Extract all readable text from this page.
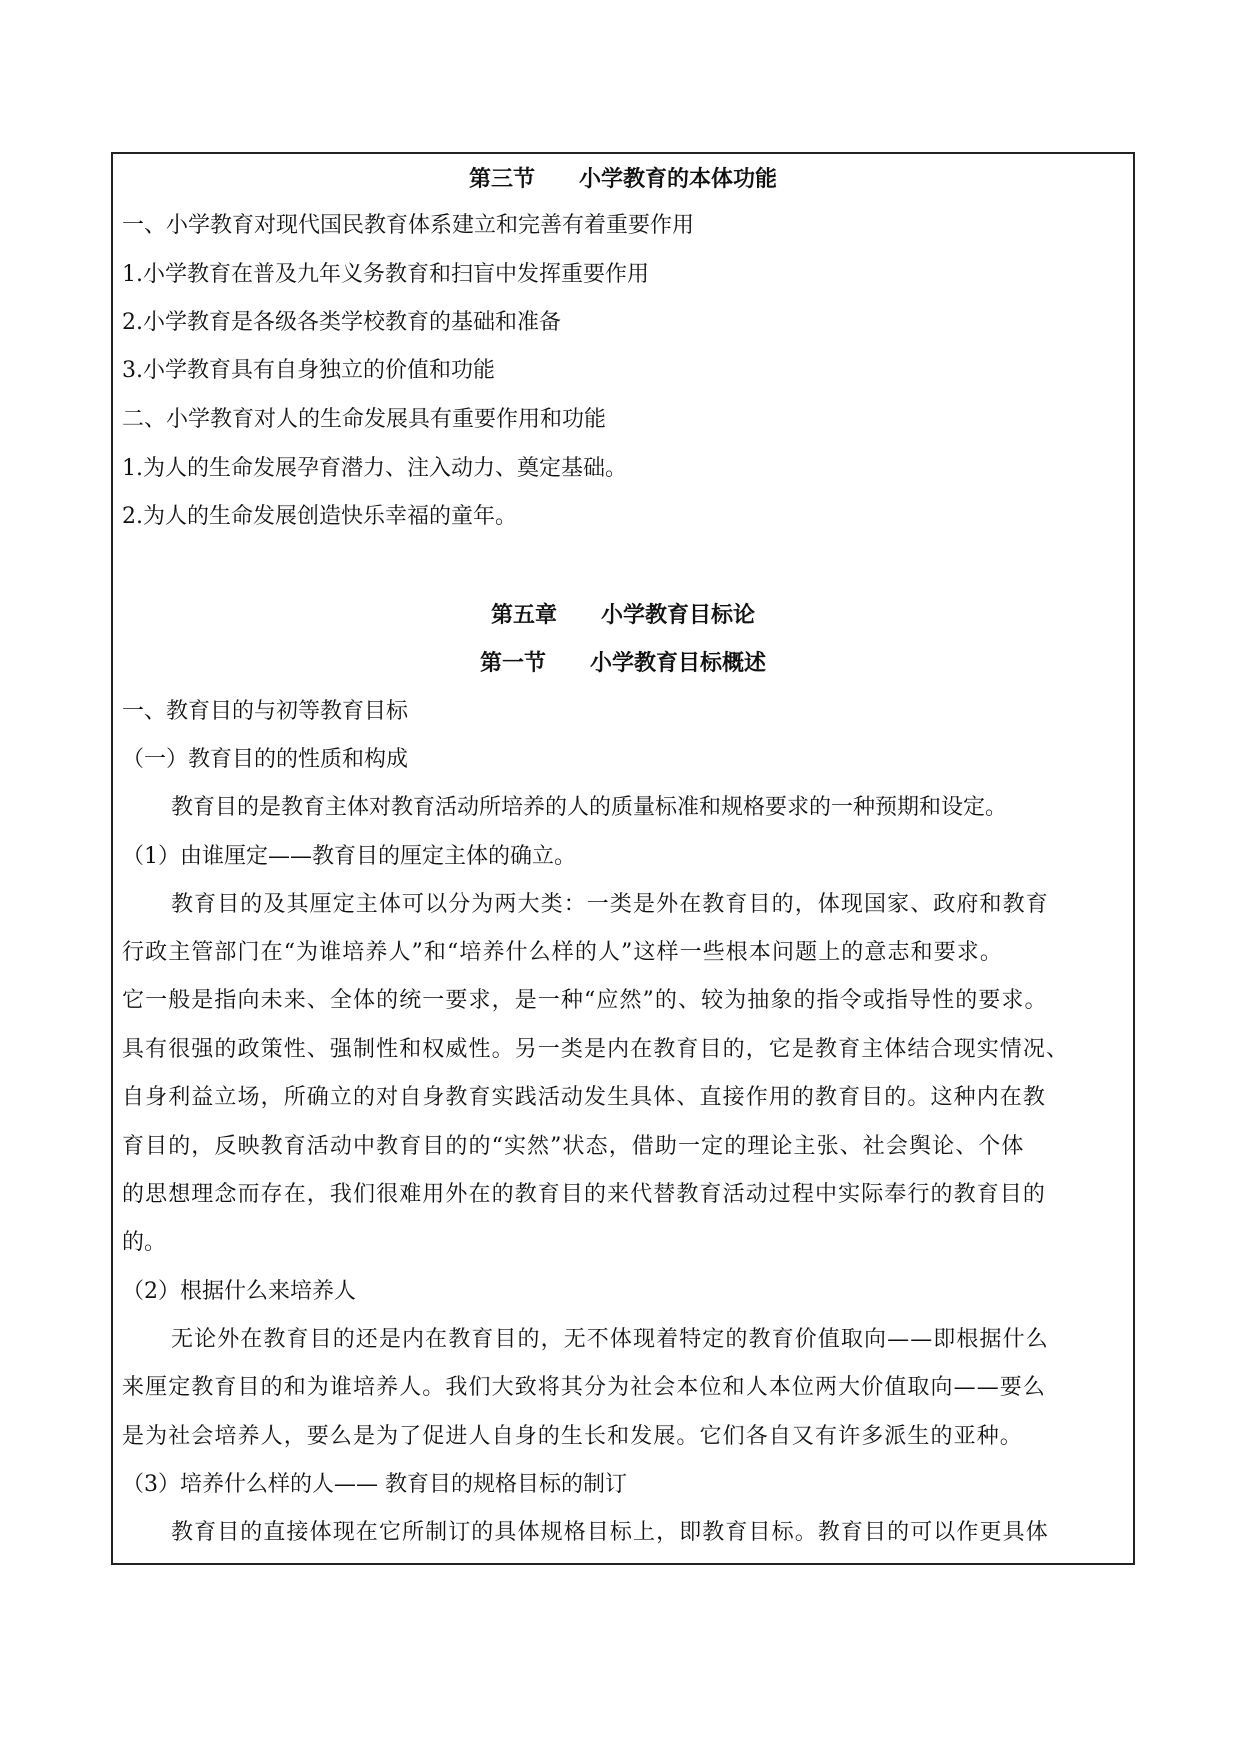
第三节 小学教育的本体功能
一、小学教育对现代国民教育体系建立和完善有着重要作用
1.小学教育在普及九年义务教育和扫盲中发挥重要作用
2.小学教育是各级各类学校教育的基础和准备
3.小学教育具有自身独立的价值和功能
二、小学教育对人的生命发展具有重要作用和功能
1.为人的生命发展孕育潜力、注入动力、奠定基础。
2.为人的生命发展创造快乐幸福的童年。
第五章 小学教育目标论
第一节 小学教育目标概述
一、教育目的与初等教育目标
（一）教育目的的性质和构成
教育目的是教育主体对教育活动所培养的人的质量标准和规格要求的一种预期和设定。
（1）由谁厘定——教育目的厘定主体的确立。
教育目的及其厘定主体可以分为两大类：一类是外在教育目的，体现国家、政府和教育
行政主管部门在“为谁培养人”和“培养什么样的人”这样一些根本问题上的意志和要求。
它一般是指向未来、全体的统一要求，是一种“应然”的、较为抽象的指令或指导性的要求。
具有很强的政策性、强制性和权威性。另一类是内在教育目的，它是教育主体结合现实情况、
自身利益立场，所确立的对自身教育实践活动发生具体、直接作用的教育目的。这种内在教
育目的，反映教育活动中教育目的的“实然”状态，借助一定的理论主张、社会舆论、个体
的思想理念而存在，我们很难用外在的教育目的来代替教育活动过程中实际奉行的教育目的
的。
（2）根据什么来培养人
无论外在教育目的还是内在教育目的，无不体现着特定的教育价值取向——即根据什么
来厘定教育目的和为谁培养人。我们大致将其分为社会本位和人本位两大价值取向——要么
是为社会培养人，要么是为了促进人自身的生长和发展。它们各自又有许多派生的亚种。
（3）培养什么样的人—— 教育目的规格目标的制订
教育目的直接体现在它所制订的具体规格目标上，即教育目标。教育目的可以作更具体
